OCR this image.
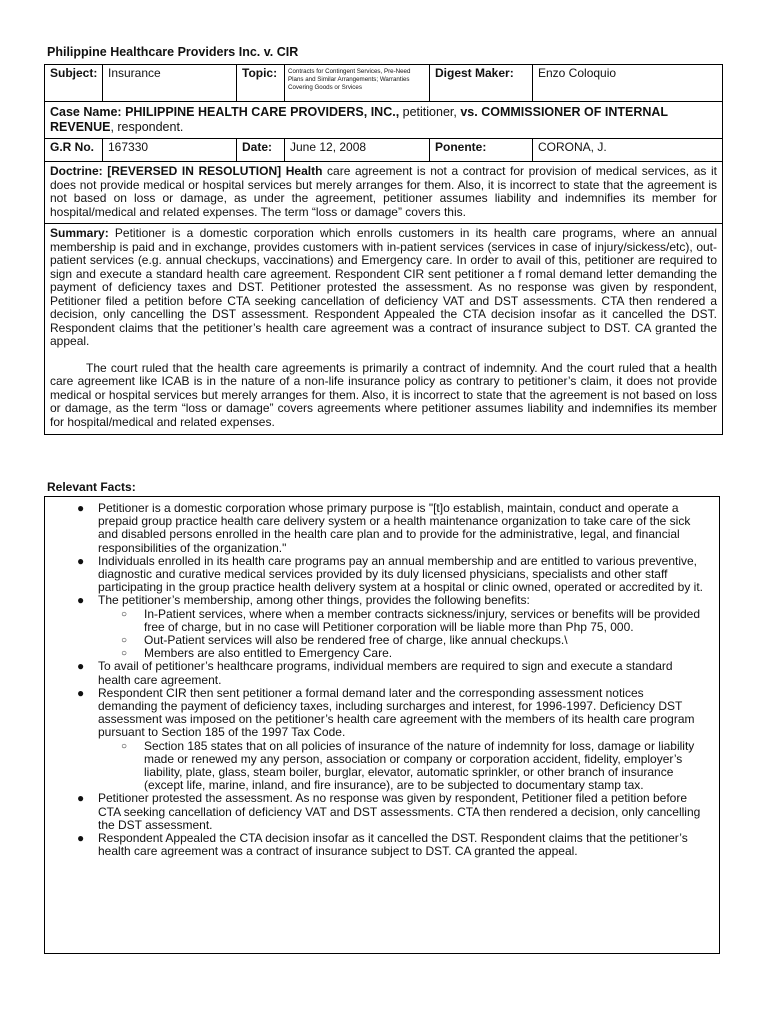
Philippine Healthcare Providers Inc. v. CIR
Subject:	Insurance	Topic:	Contracts for Contingent Services, Pre-Need Plans and Similar Arrangements; Warranties Covering Goods or Srvices	Digest Maker:	Enzo Coloquio
Case Name: PHILIPPINE HEALTH CARE PROVIDERS, INC., petitioner, vs. COMMISSIONER OF INTERNAL REVENUE, respondent.					
G.R No.	167330	Date:	June 12, 2008	Ponente:	CORONA, J.
Doctrine: [REVERSED IN RESOLUTION] Health care agreement is not a contract for provision of medical services, as it does not provide medical or hospital services but merely arranges for them. Also, it is incorrect to state that the agreement is not based on loss or damage, as under the agreement, petitioner assumes liability and indemnifies its member for hospital/medical and related expenses. The term “loss or damage” covers this.					

Summary: Petitioner is a domestic corporation which enrolls customers in its health care programs, where an annual membership is paid and in exchange, provides customers with in-patient services (services in case of injury/sickess/etc), out-patient services (e.g. annual checkups, vaccinations) and Emergency care. In order to avail of this, petitioner are required to sign and execute a standard health care agreement. Respondent CIR sent petitioner a f romal demand letter demanding the payment of deficiency taxes and DST. Petitioner protested the assessment. As no response was given by respondent, Petitioner filed a petition before CTA seeking cancellation of deficiency VAT and DST assessments. CTA then rendered a decision, only cancelling the DST assessment. Respondent Appealed the CTA decision insofar as it cancelled the DST. Respondent claims that the petitioner’s health care agreement was a contract of insurance subject to DST. CA granted the appeal.

The court ruled that the health care agreements is primarily a contract of indemnity. And the court ruled that a health care agreement like ICAB is in the nature of a non-life insurance policy as contrary to petitioner’s claim, it does not provide medical or hospital services but merely arranges for them. Also, it is incorrect to state that the agreement is not based on loss or damage, as the term “loss or damage” covers agreements where petitioner assumes liability and indemnifies its member for hospital/medical and related expenses.					

Relevant Facts:
● Petitioner is a domestic corporation whose primary purpose is "[t]o establish, maintain, conduct and operate a prepaid group practice health care delivery system or a health maintenance organization to take care of the sick and disabled persons enrolled in the health care plan and to provide for the administrative, legal, and financial responsibilities of the organization."
● Individuals enrolled in its health care programs pay an annual membership and are entitled to various preventive, diagnostic and curative medical services provided by its duly licensed physicians, specialists and other staff participating in the group practice health delivery system at a hospital or clinic owned, operated or accredited by it.
● The petitioner’s membership, among other things, provides the following benefits:
○ In-Patient services, where when a member contracts sickness/injury, services or benefits will be provided free of charge, but in no case will Petitioner corporation will be liable more than Php 75, 000.
○ Out-Patient services will also be rendered free of charge, like annual checkups.\
○ Members are also entitled to Emergency Care.
● To avail of petitioner’s healthcare programs, individual members are required to sign and execute a standard health care agreement.
● Respondent CIR then sent petitioner a formal demand later and the corresponding assessment notices demanding the payment of deficiency taxes, including surcharges and interest, for 1996-1997. Deficiency DST assessment was imposed on the petitioner’s health care agreement with the members of its health care program pursuant to Section 185 of the 1997 Tax Code.
○ Section 185 states that on all policies of insurance of the nature of indemnity for loss, damage or liability made or renewed my any person, association or company or corporation accident, fidelity, employer’s liability, plate, glass, steam boiler, burglar, elevator, automatic sprinkler, or other branch of insurance (except life, marine, inland, and fire insurance), are to be subjected to documentary stamp tax.
● Petitioner protested the assessment. As no response was given by respondent, Petitioner filed a petition before CTA seeking cancellation of deficiency VAT and DST assessments. CTA then rendered a decision, only cancelling the DST assessment.
● Respondent Appealed the CTA decision insofar as it cancelled the DST. Respondent claims that the petitioner’s health care agreement was a contract of insurance subject to DST. CA granted the appeal.
